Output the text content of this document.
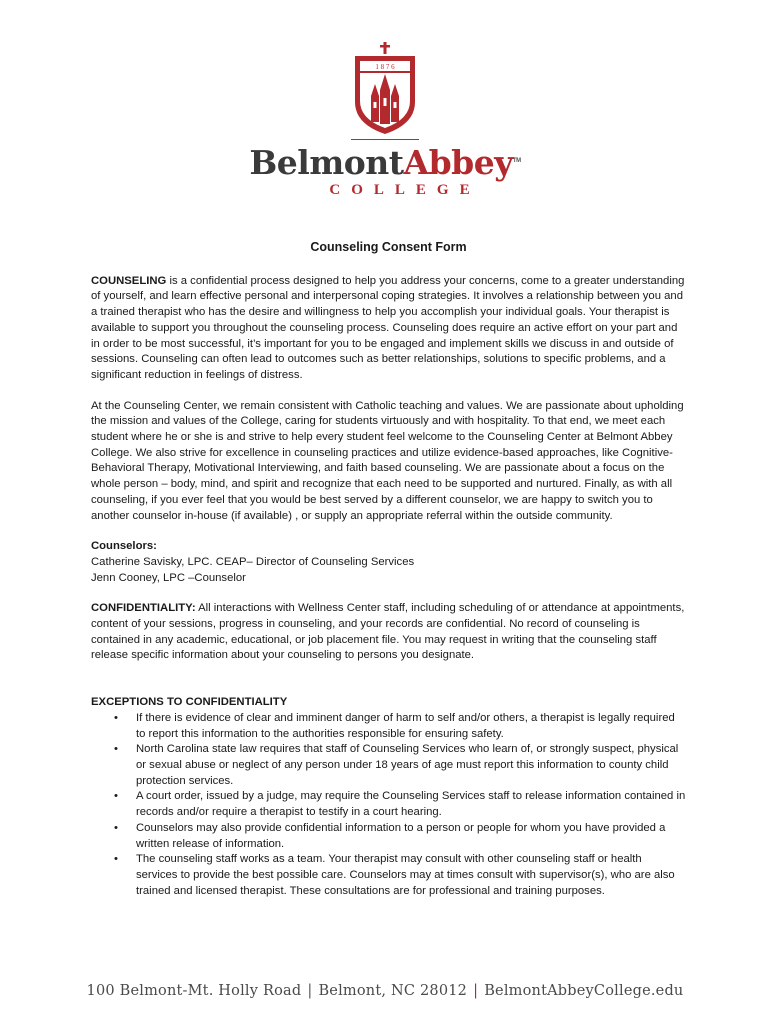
1 8 7 6
BelmontAbbey™
COLLEGE
Counseling Consent Form

COUNSELING is a confidential process designed to help you address your concerns, come to a greater understanding of yourself, and learn effective personal and interpersonal coping strategies. It involves a relationship between you and a trained therapist who has the desire and willingness to help you accomplish your individual goals. Your therapist is available to support you throughout the counseling process. Counseling does require an active effort on your part and in order to be most successful, it’s important for you to be engaged and implement skills we discuss in and outside of sessions. Counseling can often lead to outcomes such as better relationships, solutions to specific problems, and a significant reduction in feelings of distress.

At the Counseling Center, we remain consistent with Catholic teaching and values. We are passionate about upholding the mission and values of the College, caring for students virtuously and with hospitality. To that end, we meet each student where he or she is and strive to help every student feel welcome to the Counseling Center at Belmont Abbey College. We also strive for excellence in counseling practices and utilize evidence-based approaches, like Cognitive-Behavioral Therapy, Motivational Interviewing, and faith based counseling. We are passionate about a focus on the whole person – body, mind, and spirit and recognize that each need to be supported and nurtured. Finally, as with all counseling, if you ever feel that you would be best served by a different counselor, we are happy to switch you to another counselor in-house (if available) , or supply an appropriate referral within the outside community.

Counselors:
Catherine Savisky, LPC. CEAP– Director of Counseling Services
Jenn Cooney, LPC –Counselor

CONFIDENTIALITY: All interactions with Wellness Center staff, including scheduling of or attendance at appointments, content of your sessions, progress in counseling, and your records are confidential. No record of counseling is contained in any academic, educational, or job placement file. You may request in writing that the counseling staff release specific information about your counseling to persons you designate.

EXCEPTIONS TO CONFIDENTIALITY
• If there is evidence of clear and imminent danger of harm to self and/or others, a therapist is legally required to report this information to the authorities responsible for ensuring safety.
• North Carolina state law requires that staff of Counseling Services who learn of, or strongly suspect, physical or sexual abuse or neglect of any person under 18 years of age must report this information to county child protection services.
• A court order, issued by a judge, may require the Counseling Services staff to release information contained in records and/or require a therapist to testify in a court hearing.
• Counselors may also provide confidential information to a person or people for whom you have provided a written release of information.
• The counseling staff works as a team. Your therapist may consult with other counseling staff or health services to provide the best possible care. Counselors may at times consult with supervisor(s), who are also trained and licensed therapist. These consultations are for professional and training purposes.
100 Belmont-Mt. Holly Road | Belmont, NC 28012 | BelmontAbbeyCollege.edu
